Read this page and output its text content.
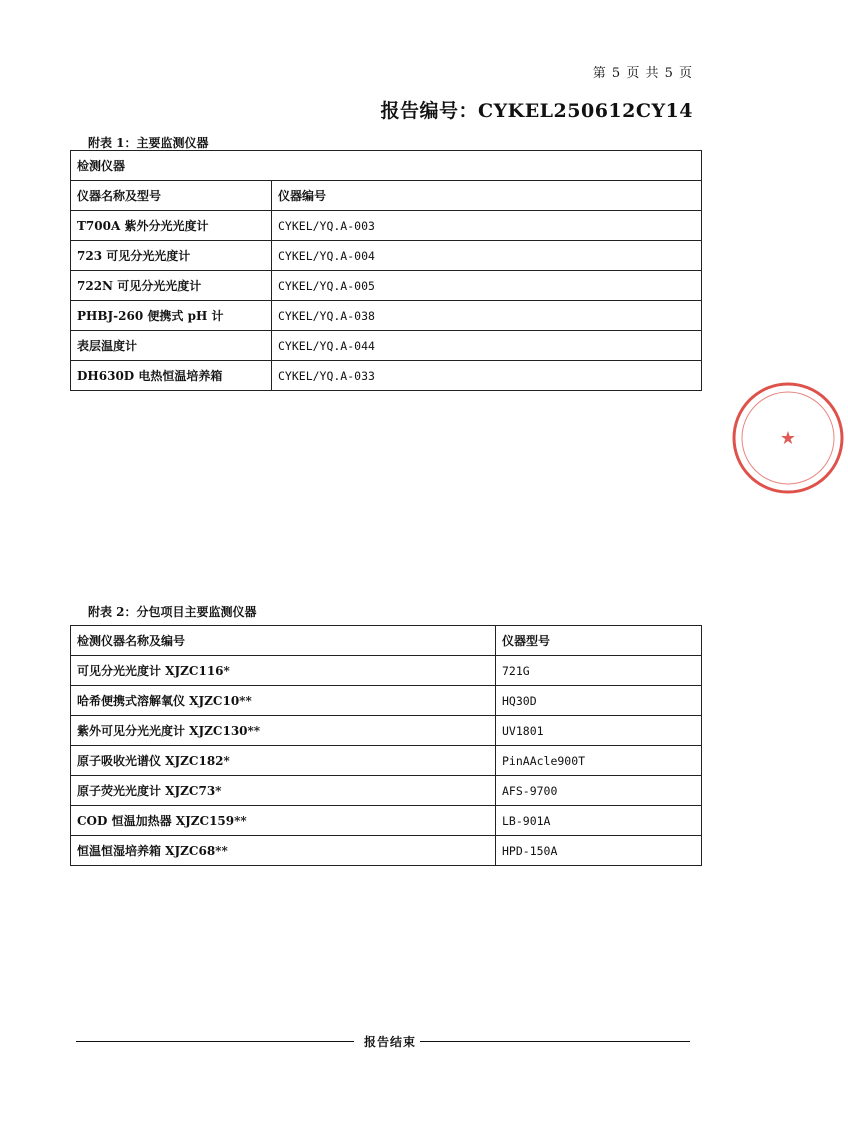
第 5 页 共 5 页
报告编号：CYKEL250612CY14
附表 1：主要监测仪器
检测仪器	
仪器名称及型号	仪器编号
T700A 紫外分光光度计	CYKEL/YQ.A-003
723 可见分光光度计	CYKEL/YQ.A-004
722N 可见分光光度计	CYKEL/YQ.A-005
PHBJ-260 便携式 pH 计	CYKEL/YQ.A-038
表层温度计	CYKEL/YQ.A-044
DH630D 电热恒温培养箱	CYKEL/YQ.A-033
★
附表 2：分包项目主要监测仪器
检测仪器名称及编号	仪器型号
可见分光光度计 XJZC116*	721G
哈希便携式溶解氧仪 XJZC10**	HQ30D
紫外可见分光光度计 XJZC130**	UV1801
原子吸收光谱仪 XJZC182*	PinAAcle900T
原子荧光光度计 XJZC73*	AFS-9700
COD 恒温加热器 XJZC159**	LB-901A
恒温恒湿培养箱 XJZC68**	HPD-150A
报告结束
